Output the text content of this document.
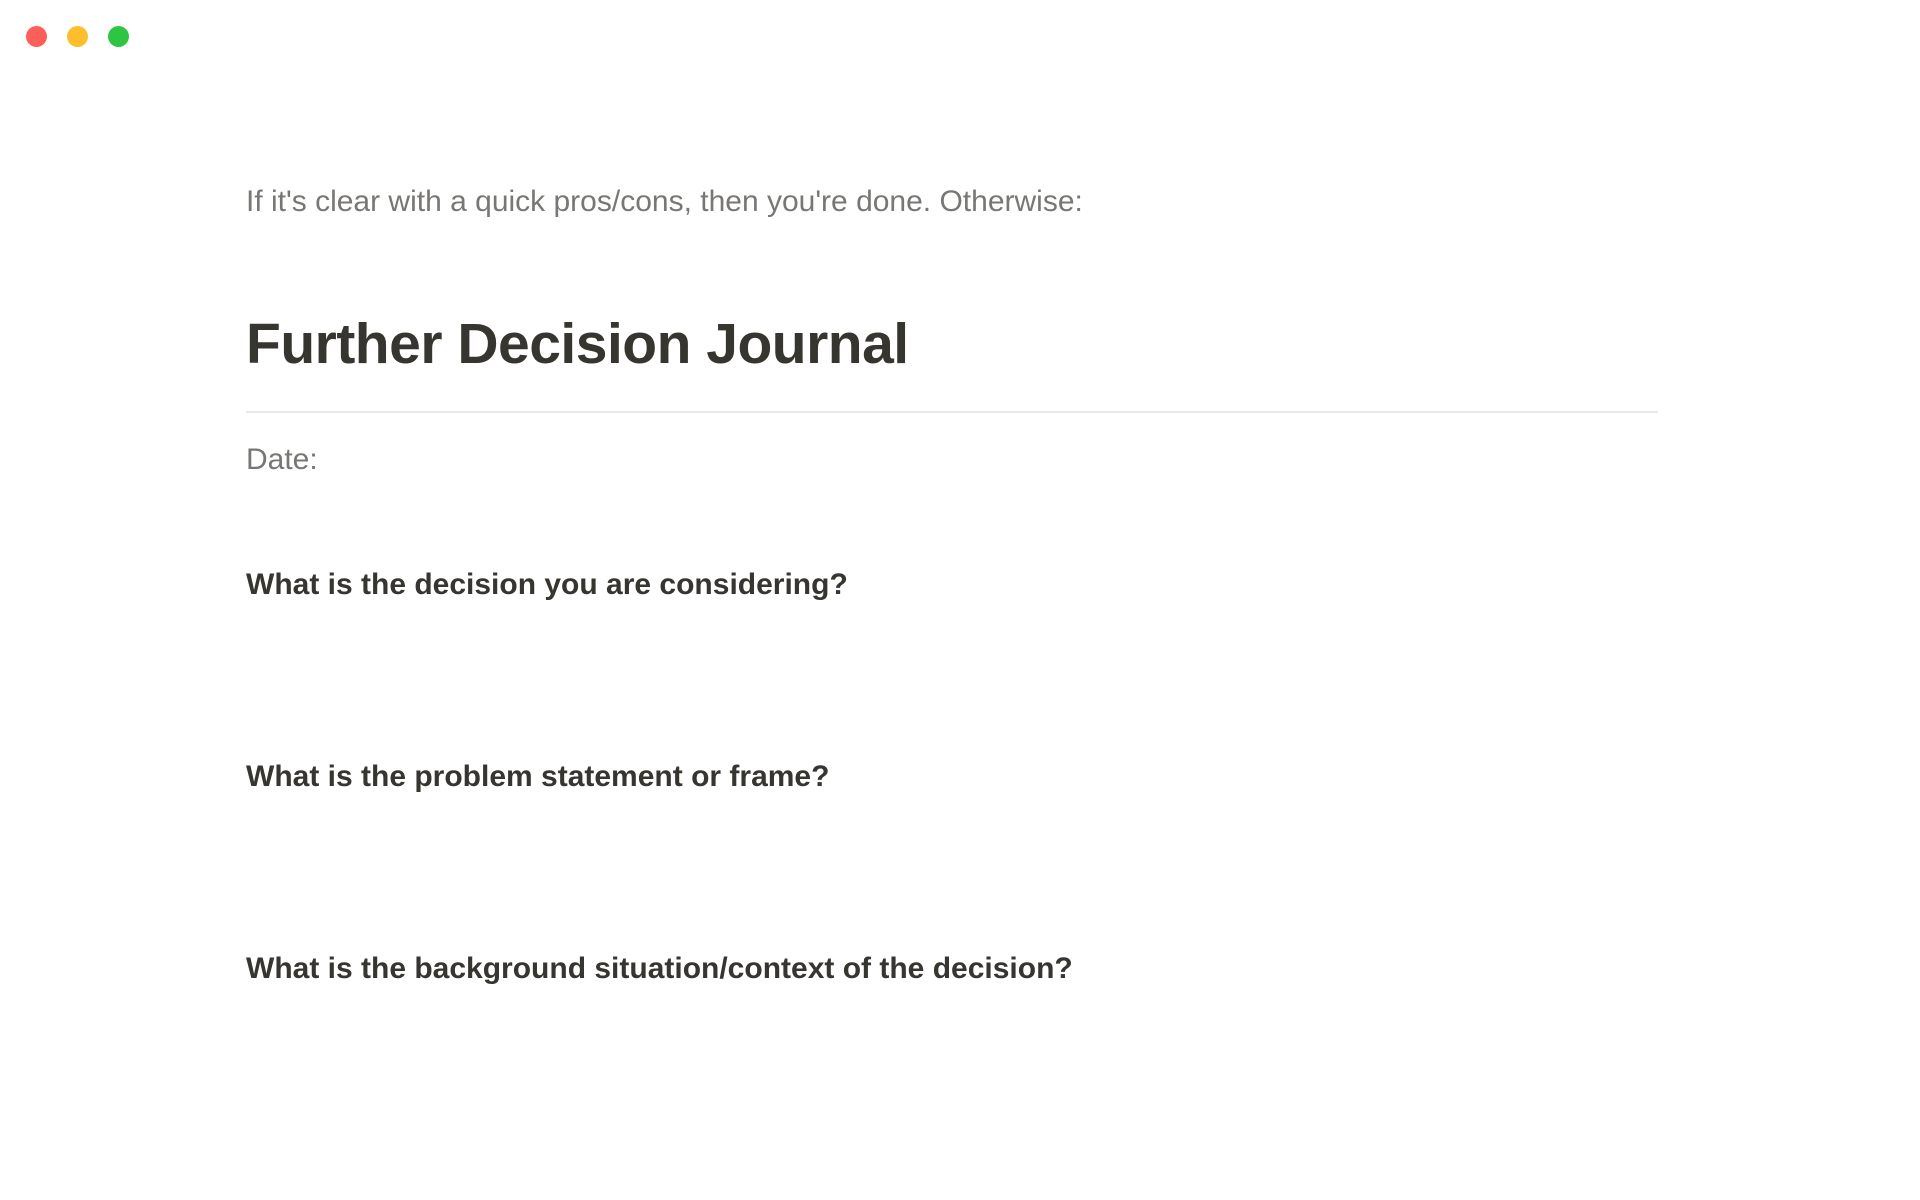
If it's clear with a quick pros/cons, then you're done. Otherwise:
Further Decision Journal
Date:
What is the decision you are considering?
What is the problem statement or frame?
What is the background situation/context of the decision?
